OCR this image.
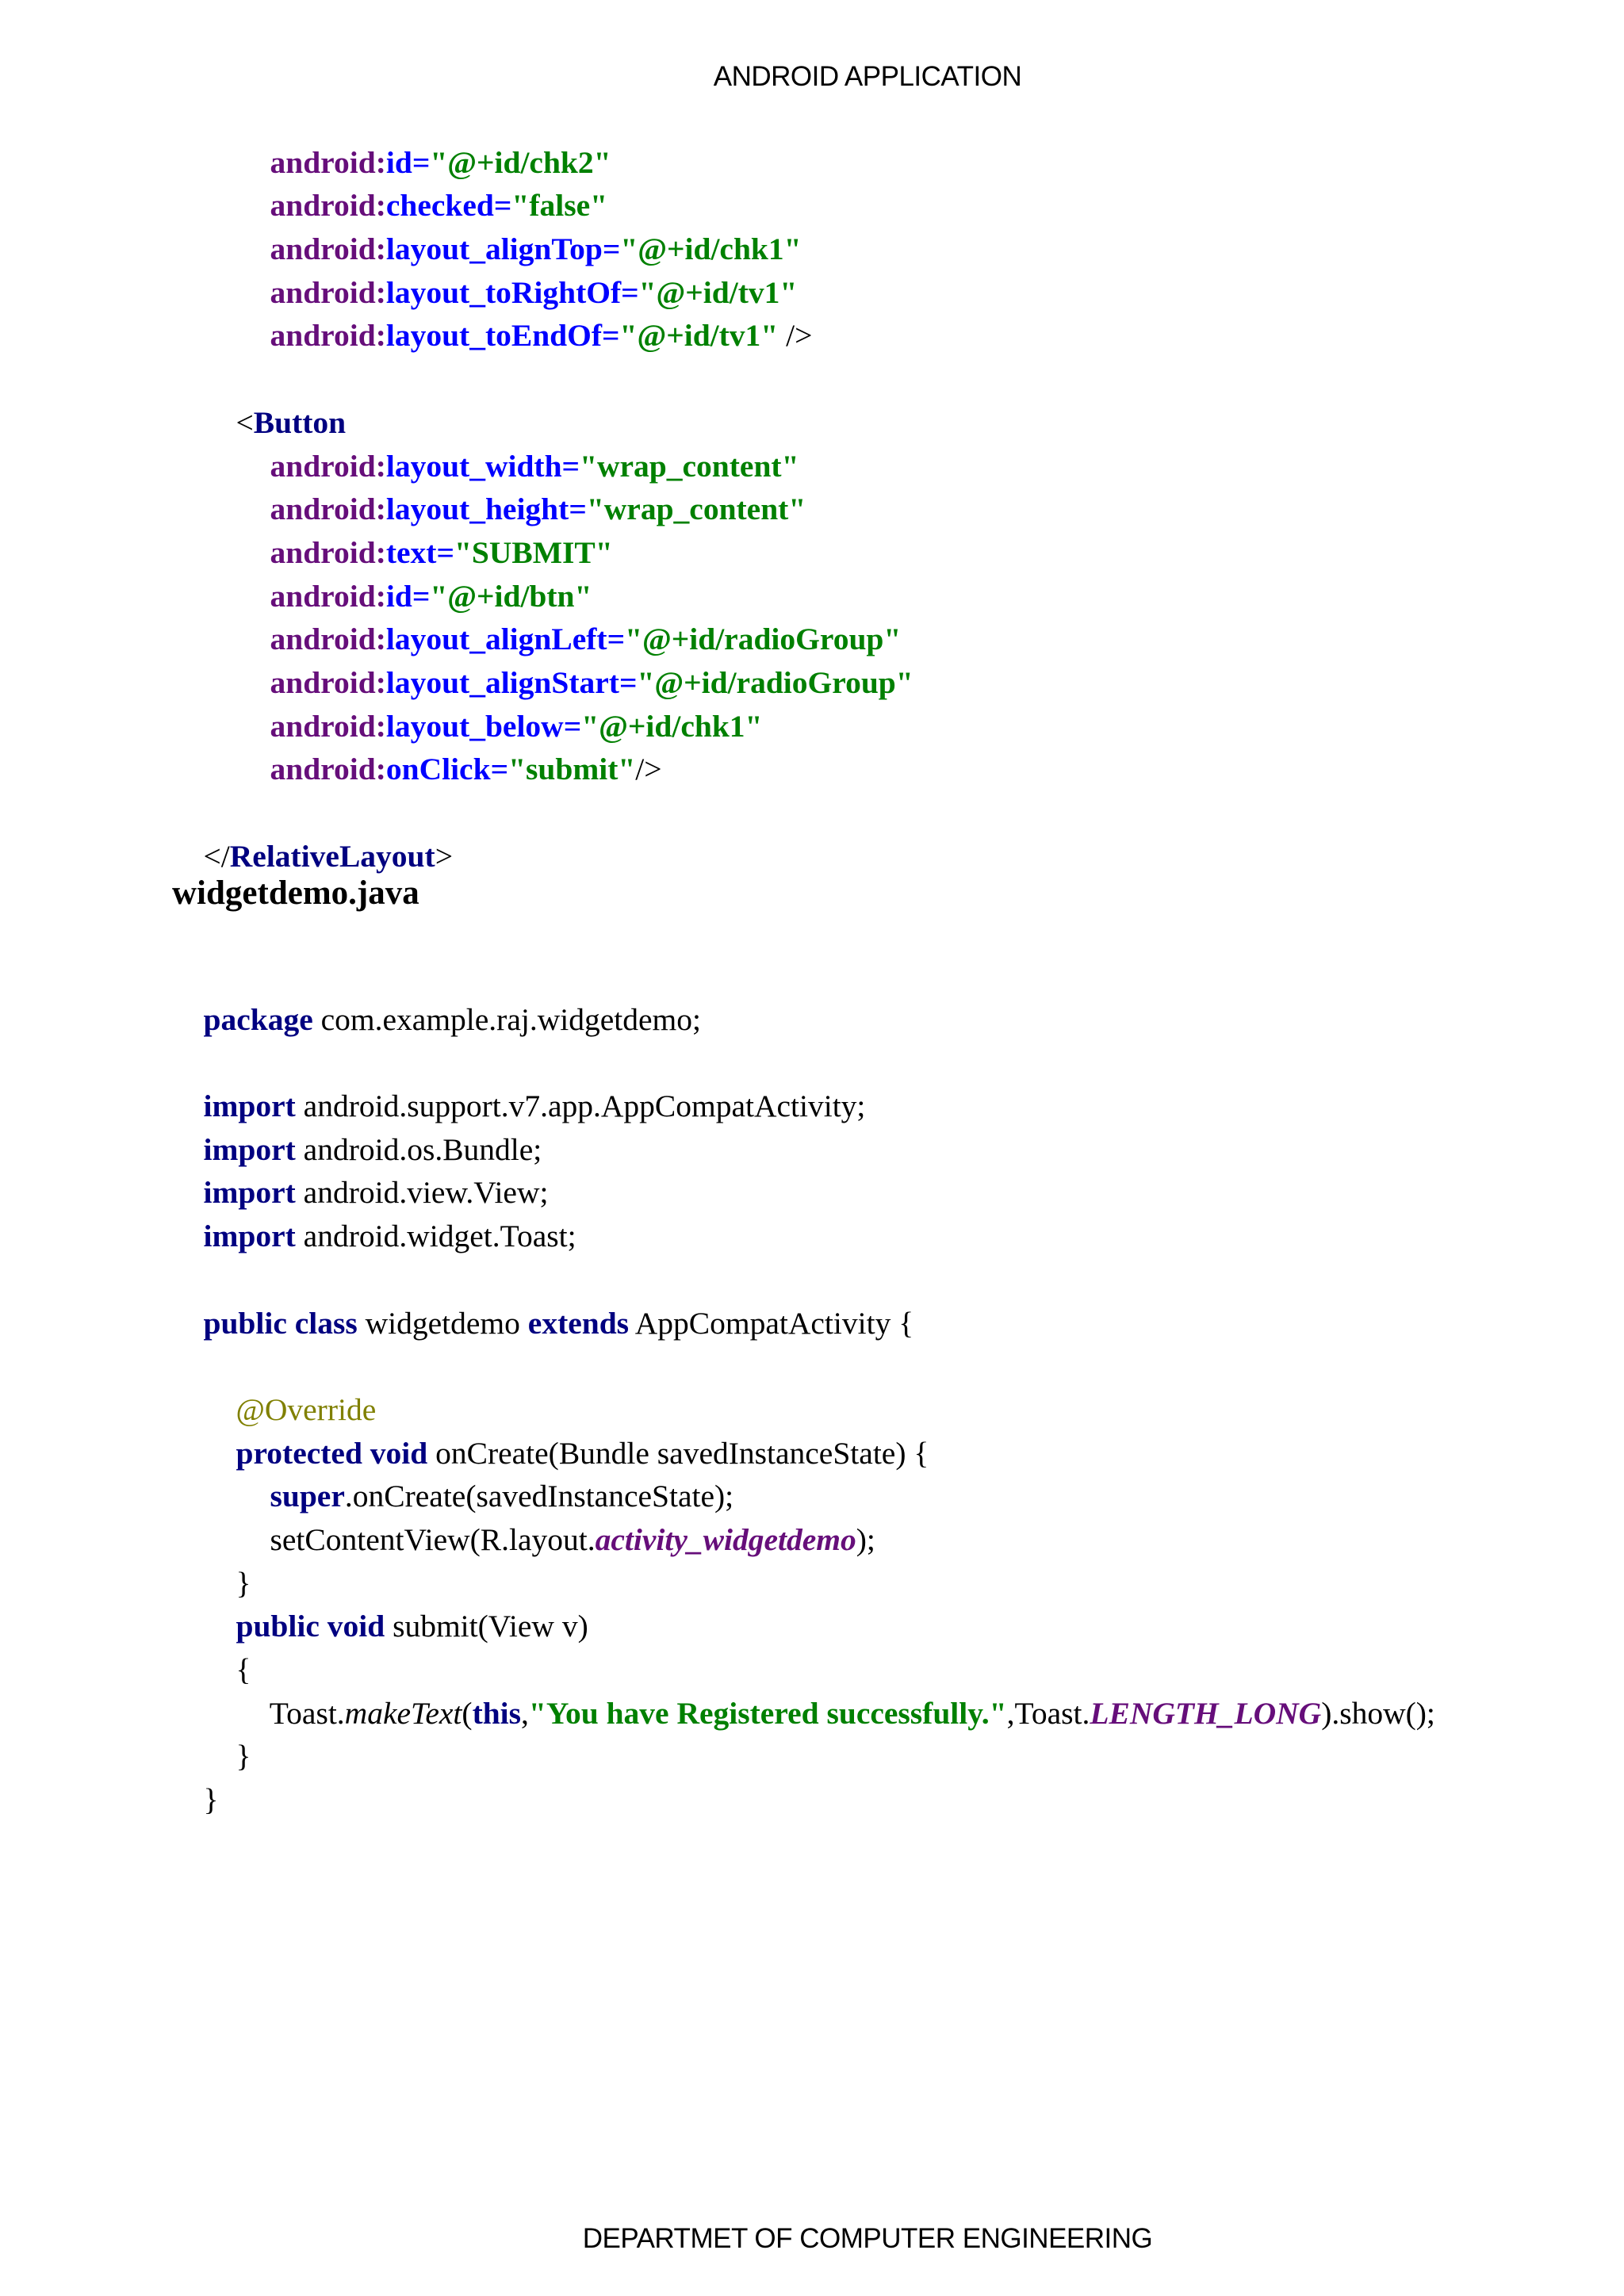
ANDROID APPLICATION

android:id="@+id/chk2"

android:checked="false"

android:layout_alignTop="@+id/chk1"

android:layout_toRightOf="@+id/tv1"

android:layout_toEndOf="@+id/tv1" />

<Button

android:layout_width="wrap_content"

android:layout_height="wrap_content"

android:text="SUBMIT"

android:id="@+id/btn"

android:layout_alignLeft="@+id/radioGroup"

android:layout_alignStart="@+id/radioGroup"

android:layout_below="@+id/chk1"

android:onClick="submit"/>

</RelativeLayout>

widgetdemo.java

package com.example.raj.widgetdemo;

import android.support.v7.app.AppCompatActivity;

import android.os.Bundle;

import android.view.View;

import android.widget.Toast;

public class widgetdemo extends AppCompatActivity {

@Override

protected void onCreate(Bundle savedInstanceState) {

super.onCreate(savedInstanceState);

setContentView(R.layout.activity_widgetdemo);

}

public void submit(View v)

{

Toast.makeText(this,"You have Registered successfully.",Toast.LENGTH_LONG).show();

}

}

DEPARTMET OF COMPUTER ENGINEERING
